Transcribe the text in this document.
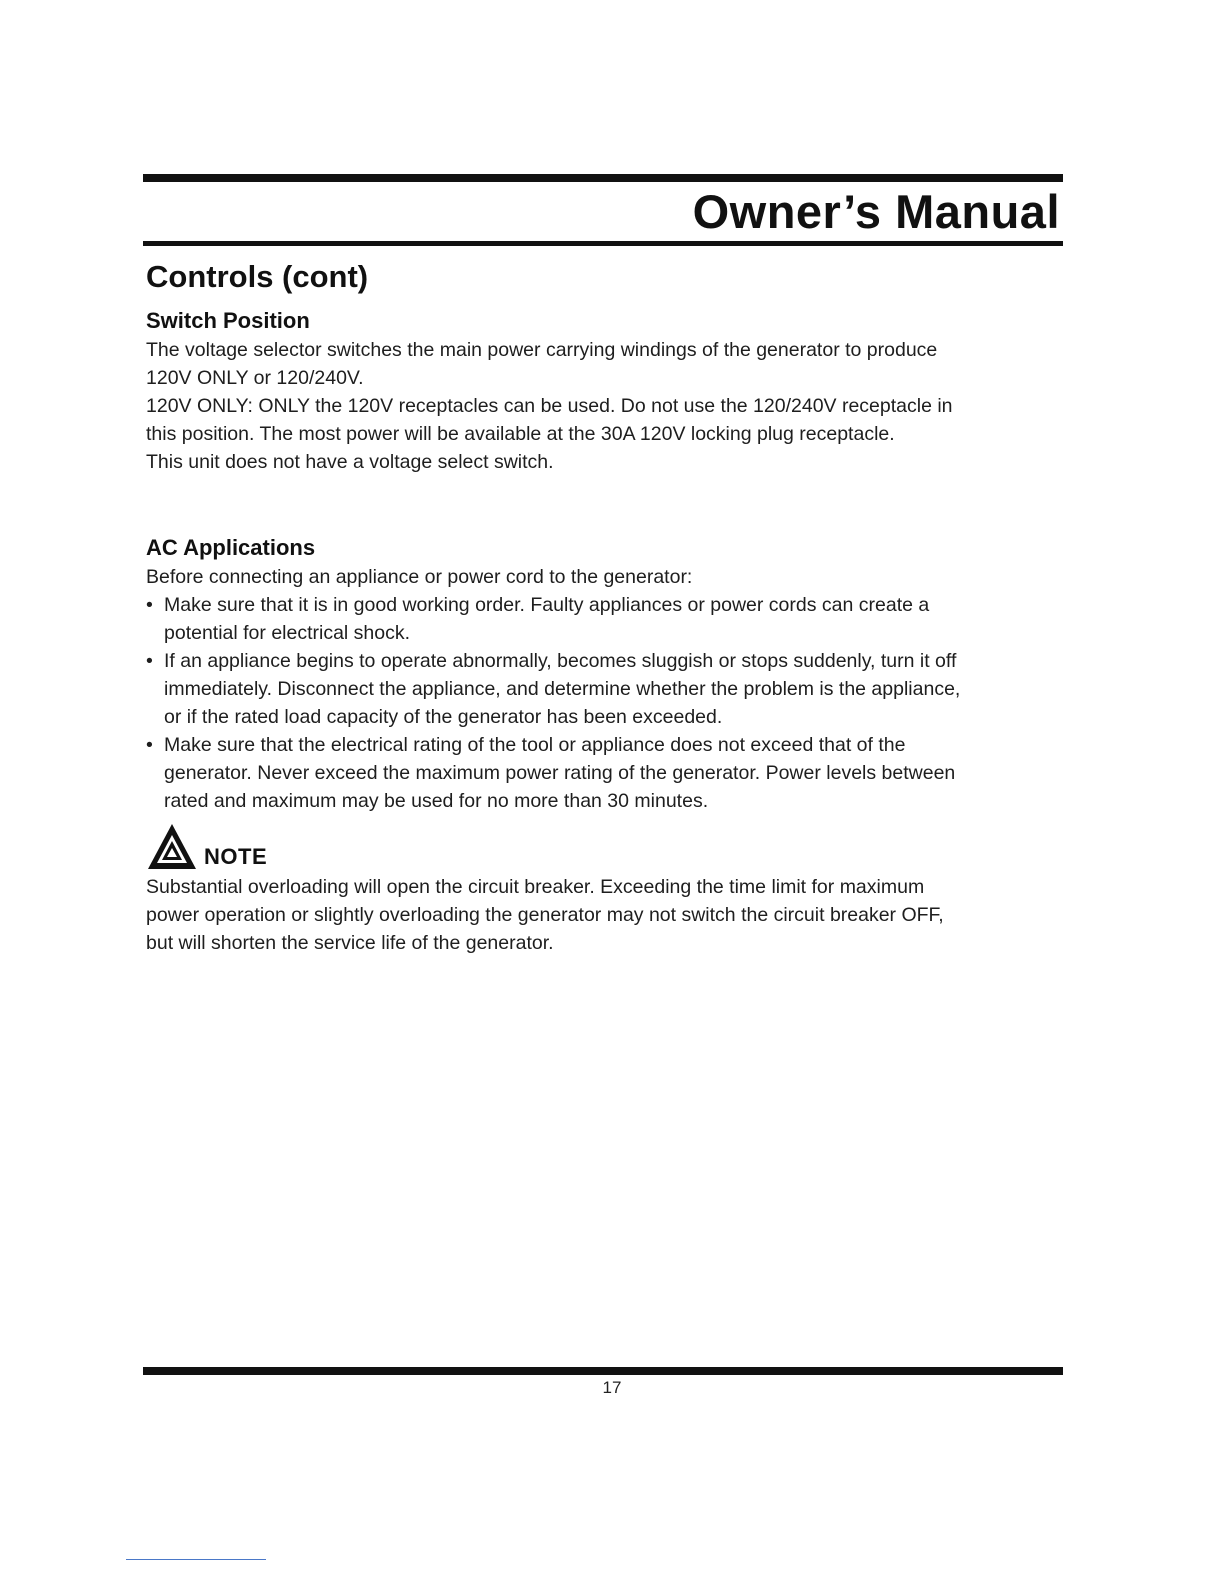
Owner’s Manual
Controls (cont)
Switch Position

The voltage selector switches the main power carrying windings of the generator to produce

120V ONLY or 120/240V.

120V ONLY: ONLY the 120V receptacles can be used. Do not use the 120/240V receptacle in

this position. The most power will be available at the 30A 120V locking plug receptacle.

This unit does not have a voltage select switch.

AC Applications

Before connecting an appliance or power cord to the generator:

• Make sure that it is in good working order. Faulty appliances or power cords can create a

potential for electrical shock.

• If an appliance begins to operate abnormally, becomes sluggish or stops suddenly, turn it off

immediately. Disconnect the appliance, and determine whether the problem is the appliance,

or if the rated load capacity of the generator has been exceeded.

• Make sure that the electrical rating of the tool or appliance does not exceed that of the

generator. Never exceed the maximum power rating of the generator. Power levels between

rated and maximum may be used for no more than 30 minutes.

NOTE

Substantial overloading will open the circuit breaker. Exceeding the time limit for maximum

power operation or slightly overloading the generator may not switch the circuit breaker OFF,

but will shorten the service life of the generator.

17
